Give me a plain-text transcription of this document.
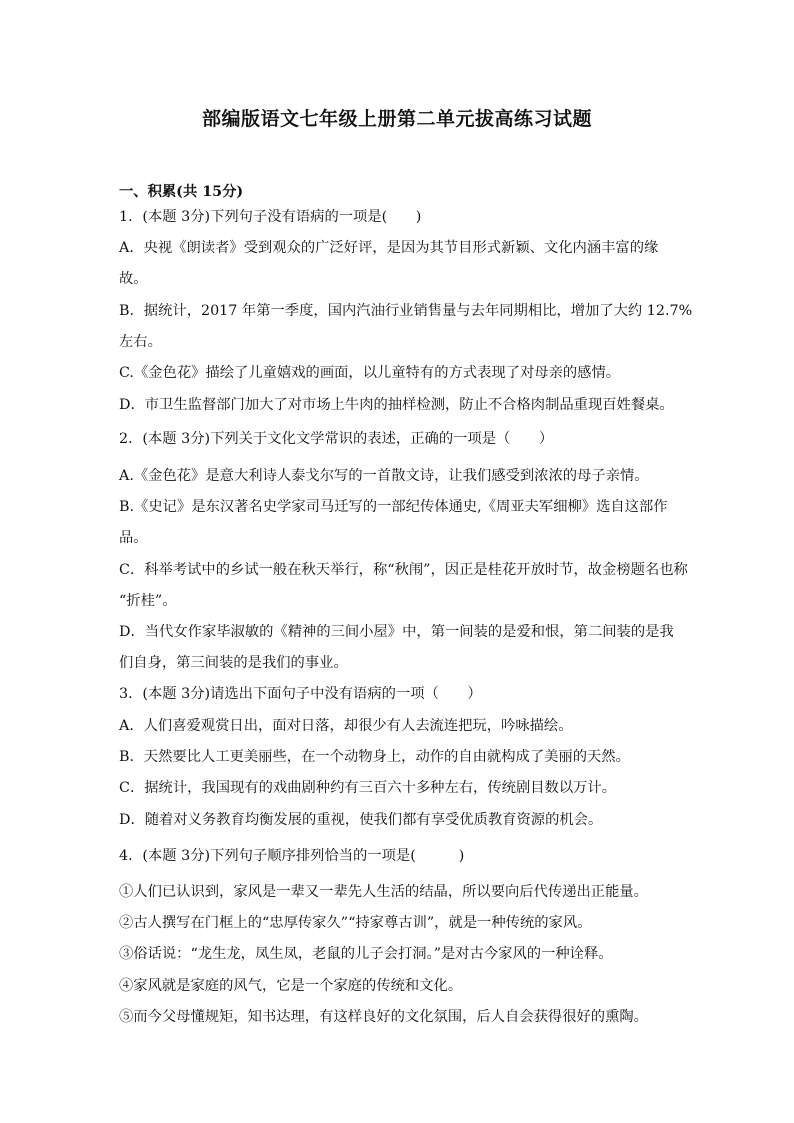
部编版语文七年级上册第二单元拔高练习试题
一、积累(共 15分)
1．(本题 3分)下列句子没有语病的一项是(　　)
A．央视《朗读者》受到观众的广泛好评，是因为其节目形式新颖、文化内涵丰富的缘
故。
B．据统计，2017 年第一季度，国内汽油行业销售量与去年同期相比，增加了大约 12.7%
左右。
C.《金色花》描绘了儿童嬉戏的画面，以儿童特有的方式表现了对母亲的感情。
D．市卫生监督部门加大了对市场上牛肉的抽样检测，防止不合格肉制品重现百姓餐桌。
2．(本题 3分)下列关于文化文学常识的表述，正确的一项是（　　）
A.《金色花》是意大利诗人泰戈尔写的一首散文诗，让我们感受到浓浓的母子亲情。
B.《史记》是东汉著名史学家司马迁写的一部纪传体通史,《周亚夫军细柳》选自这部作
品。
C．科举考试中的乡试一般在秋天举行，称“秋闱”，因正是桂花开放时节，故金榜题名也称
“折桂”。
D．当代女作家毕淑敏的《精神的三间小屋》中，第一间装的是爱和恨，第二间装的是我
们自身，第三间装的是我们的事业。
3．(本题 3分)请选出下面句子中没有语病的一项（　　）
A．人们喜爱观赏日出，面对日落，却很少有人去流连把玩，吟咏描绘。
B．天然要比人工更美丽些，在一个动物身上，动作的自由就构成了美丽的天然。
C．据统计，我国现有的戏曲剧种约有三百六十多种左右，传统剧目数以万计。
D．随着对义务教育均衡发展的重视，使我们都有享受优质教育资源的机会。
4．(本题 3分)下列句子顺序排列恰当的一项是(　　　)
①人们已认识到，家风是一辈又一辈先人生活的结晶，所以要向后代传递出正能量。
②古人撰写在门框上的“忠厚传家久”“持家尊古训”，就是一种传统的家风。
③俗话说：“龙生龙，凤生凤，老鼠的儿子会打洞。”是对古今家风的一种诠释。
④家风就是家庭的风气，它是一个家庭的传统和文化。
⑤而今父母懂规矩，知书达理，有这样良好的文化氛围，后人自会获得很好的熏陶。
